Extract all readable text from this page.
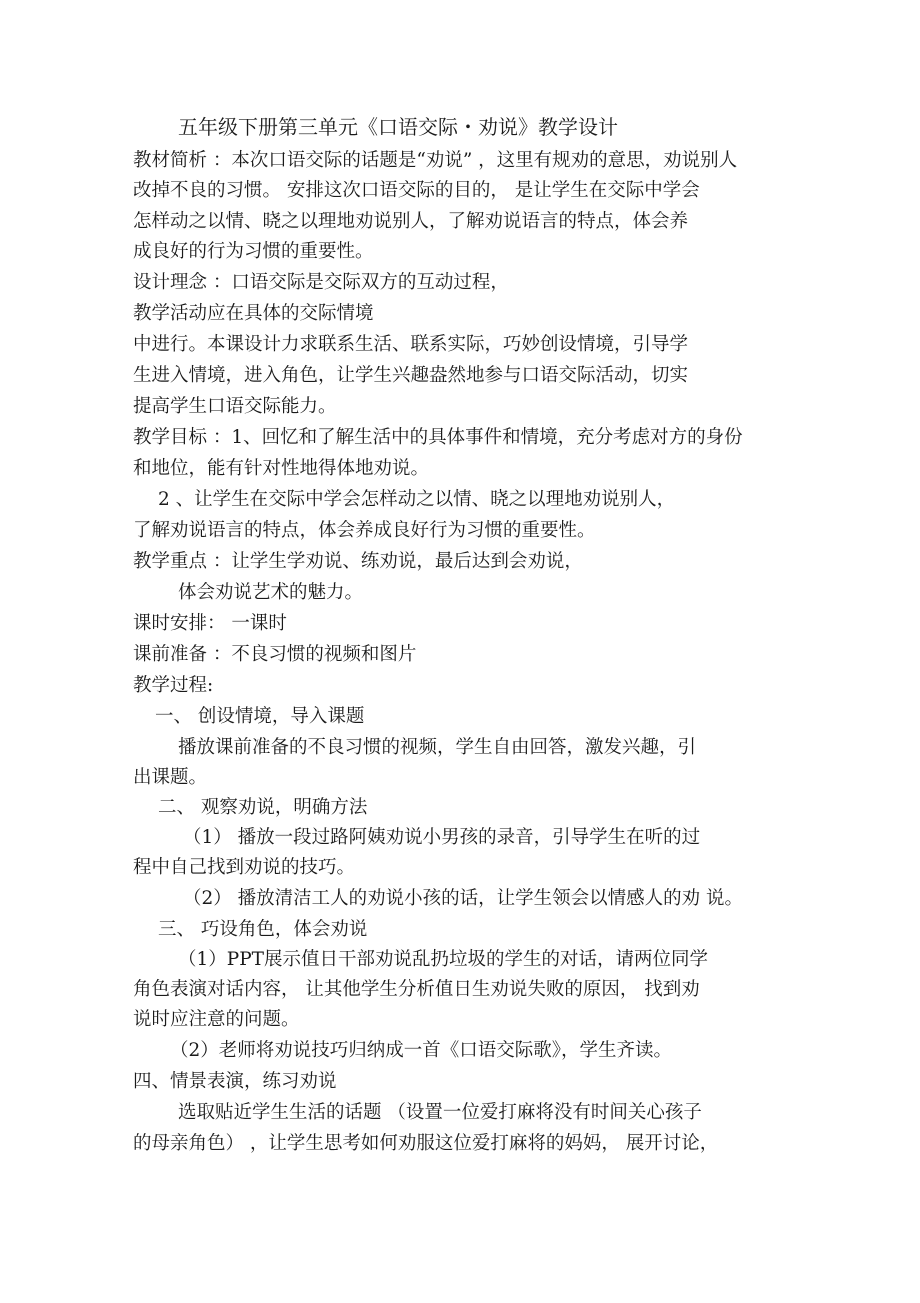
五年级下册第三单元《口语交际・劝说》教学设计
教材简析 ：本次口语交际的话题是“劝说” ，这里有规劝的意思，劝说别人
改掉不良的习惯。 安排这次口语交际的目的， 是让学生在交际中学会
怎样动之以情、晓之以理地劝说别人，了解劝说语言的特点，体会养
成良好的行为习惯的重要性。
设计理念 ：口语交际是交际双方的互动过程，
教学活动应在具体的交际情境
中进行。本课设计力求联系生活、联系实际，巧妙创设情境，引导学
生进入情境，进入角色，让学生兴趣盎然地参与口语交际活动，切实
提高学生口语交际能力。
教学目标 ：1、回忆和了解生活中的具体事件和情境，充分考虑对方的身份
和地位，能有针对性地得体地劝说。
2 、让学生在交际中学会怎样动之以情、晓之以理地劝说别人，
了解劝说语言的特点，体会养成良好行为习惯的重要性。
教学重点 ：让学生学劝说、练劝说，最后达到会劝说，
体会劝说艺术的魅力。
课时安排： 一课时
课前准备 ：不良习惯的视频和图片
教学过程:
一、 创设情境，导入课题
播放课前准备的不良习惯的视频，学生自由回答，激发兴趣，引
出课题。
二、 观察劝说，明确方法
（1） 播放一段过路阿姨劝说小男孩的录音，引导学生在听的过
程中自己找到劝说的技巧。
（2） 播放清洁工人的劝说小孩的话，让学生领会以情感人的劝 说。
三、 巧设角色，体会劝说
（1）PPT展示值日干部劝说乱扔垃圾的学生的对话，请两位同学
角色表演对话内容， 让其他学生分析值日生劝说失败的原因， 找到劝
说时应注意的问题。
（2）老师将劝说技巧归纳成一首《口语交际歌》，学生齐读。
四、情景表演，练习劝说
选取贴近学生生活的话题 （设置一位爱打麻将没有时间关心孩子
的母亲角色） ，让学生思考如何劝服这位爱打麻将的妈妈， 展开讨论，
